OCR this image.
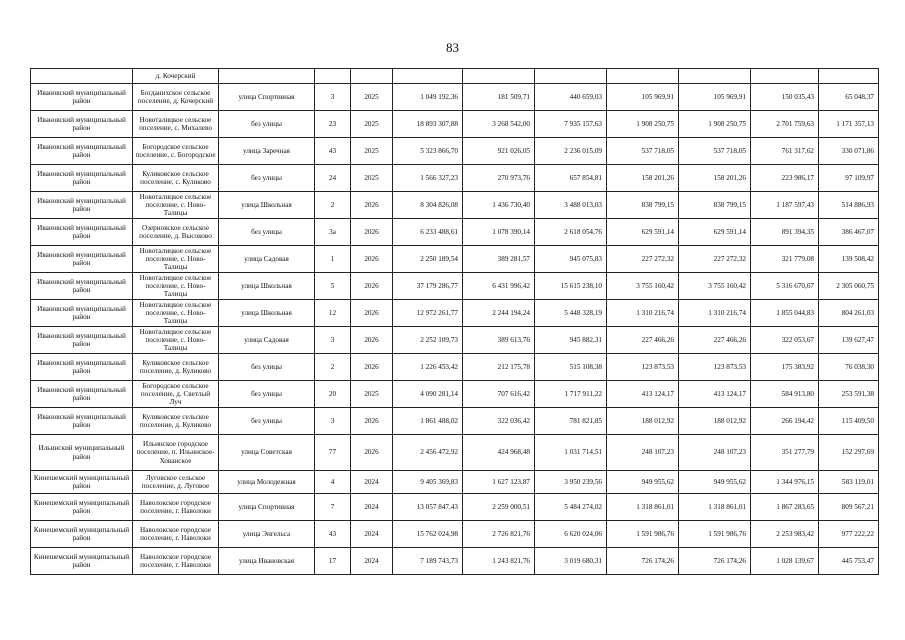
83
	д. Кочерский										
Ивановский муниципальный район	Богданихское сельское поселение, д. Кочерский	улица Спортивная	3	2025	1 049 192,36	181 509,71	440 659,03	105 969,91	105 969,91	150 035,43	65 048,37
Ивановский муниципальный район	Новоталицкое сельское поселение, с. Михалево	без улицы	23	2025	18 893 307,88	3 268 542,00	7 935 157,63	1 908 250,75	1 908 250,75	2 701 759,63	1 171 357,13
Ивановский муниципальный район	Богородское сельское поселение, с. Богородское	улица Заречная	43	2025	5 323 866,70	921 026,05	2 236 015,09	537 718,05	537 718,05	761 317,62	330 071,86
Ивановский муниципальный район	Куликовское сельское поселение, с. Куликово	без улицы	24	2025	1 566 327,23	270 973,76	657 854,81	158 201,26	158 201,26	223 986,17	97 109,97
Ивановский муниципальный район	Новоталицкое сельское поселение, с. Ново-Талицы	улица Школьная	2	2026	8 304 826,08	1 436 730,40	3 488 013,03	838 799,15	838 799,15	1 187 597,43	514 886,93
Ивановский муниципальный район	Озерновское сельское поселение, д. Высоково	без улицы	3а	2026	6 233 488,61	1 078 390,14	2 618 054,76	629 591,14	629 591,14	891 394,35	386 467,07
Ивановский муниципальный район	Новоталицкое сельское поселение, с. Ново-Талицы	улица Садовая	1	2026	2 250 189,54	389 281,57	945 075,83	227 272,32	227 272,32	321 779,08	139 508,42
Ивановский муниципальный район	Новоталицкое сельское поселение, с. Ново-Талицы	улица Школьная	5	2026	37 179 286,77	6 431 996,42	15 615 238,10	3 755 160,42	3 755 160,42	5 316 670,67	2 305 060,75
Ивановский муниципальный район	Новоталицкое сельское поселение, с. Ново-Талицы	улица Школьная	12	2026	12 972 261,77	2 244 194,24	5 448 328,19	1 310 216,74	1 310 216,74	1 855 044,83	804 261,03
Ивановский муниципальный район	Новоталицкое сельское поселение, с. Ново-Талицы	улица Садовая	3	2026	2 252 109,73	389 613,76	945 882,31	227 466,26	227 466,26	322 053,67	139 627,47
Ивановский муниципальный район	Куликовское сельское поселение, д. Куликово	без улицы	2	2026	1 226 453,42	212 175,78	515 108,38	123 873,53	123 873,53	175 383,92	76 038,30
Ивановский муниципальный район	Богородское сельское поселение, д. Светлый Луч	без улицы	20	2025	4 090 281,14	707 616,42	1 717 911,22	413 124,17	413 124,17	584 913,80	253 591,38
Ивановский муниципальный район	Куликовское сельское поселение, д. Куликово	без улицы	3	2026	1 861 488,02	322 036,42	781 821,85	188 012,92	188 012,92	266 194,42	115 409,50
Ильинский муниципальный район	Ильинское городское поселение, п. Ильинское-Хованское	улица Советская	77	2026	2 456 472,92	424 968,48	1 031 714,51	248 107,23	248 107,23	351 277,79	152 297,69
Кинешемский муниципальный район	Луговское сельское поселение, д. Луговое	улица Молодежная	4	2024	9 405 369,83	1 627 123,87	3 950 239,56	949 955,62	949 955,62	1 344 976,15	583 119,01
Кинешемский муниципальный район	Наволокское городское поселение, г. Наволоки	улица Спортивная	7	2024	13 057 847,43	2 259 000,51	5 484 274,02	1 318 861,01	1 318 861,01	1 867 283,65	809 567,21
Кинешемский муниципальный район	Наволокское городское поселение, г. Наволоки	улица Энгельса	43	2024	15 762 024,98	2 726 821,76	6 620 024,06	1 591 986,76	1 591 986,76	2 253 983,42	977 222,22
Кинешемский муниципальный район	Наволокское городское поселение, г. Наволоки	улица Ивановская	17	2024	7 189 743,73	1 243 821,76	3 019 680,31	726 174,26	726 174,26	1 028 139,67	445 753,47
